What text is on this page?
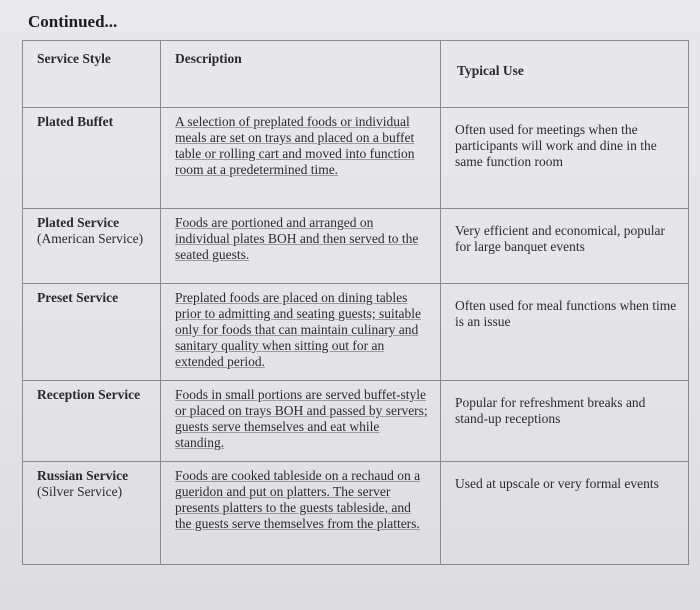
Continued...
Service Style	Description	Typical Use
Plated Buffet	A selection of preplated foods or individual meals are set on trays and placed on a buffet table or rolling cart and moved into function room at a predetermined time.	Often used for meetings when the participants will work and dine in the same function room
Plated Service
(American Service)	Foods are portioned and arranged on individual plates BOH and then served to the seated guests.	Very efficient and economical, popular for large banquet events
Preset Service	Preplated foods are placed on dining tables prior to admitting and seating guests; suitable only for foods that can maintain culinary and sanitary quality when sitting out for an extended period.	Often used for meal functions when time is an issue
Reception Service	Foods in small portions are served buffet-style or placed on trays BOH and passed by servers; guests serve themselves and eat while standing.	Popular for refreshment breaks and stand-up receptions
Russian Service
(Silver Service)	Foods are cooked tableside on a rechaud on a gueridon and put on platters. The server presents platters to the guests tableside, and the guests serve themselves from the platters.	Used at upscale or very formal events
